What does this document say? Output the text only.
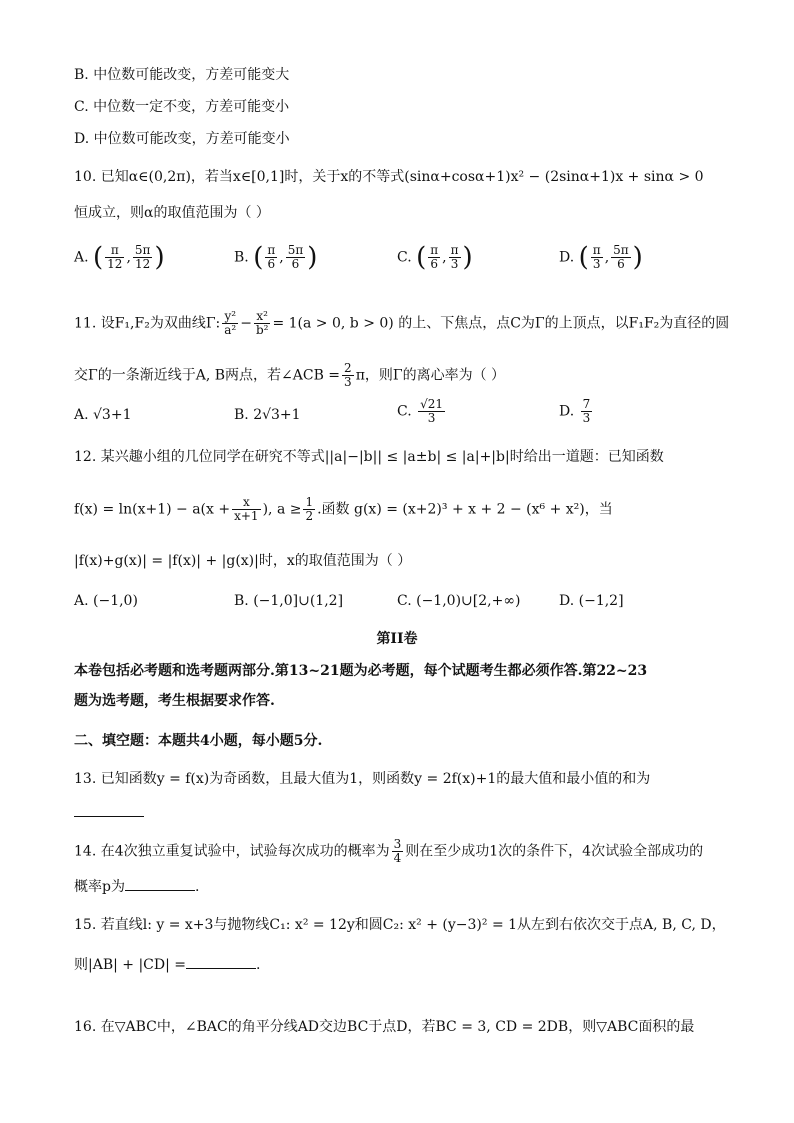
B. 中位数可能改变，方差可能变大
C. 中位数一定不变，方差可能变小
D. 中位数可能改变，方差可能变小
10. 已知α∈(0,2π)，若当x∈[0,1]时，关于x的不等式(sinα+cosα+1)x² − (2sinα+1)x + sinα > 0
恒成立，则α的取值范围为（ ）
A. ( $\frac{\pi}{12}$ , $\frac{5\pi}{12}$ )	B. ( $\frac{\pi}{6}$ , $\frac{5\pi}{6}$ )	C. ( $\frac{\pi}{6}$ , $\frac{\pi}{3}$ )	D. ( $\frac{\pi}{3}$ , $\frac{5\pi}{6}$ )
11. 设F₁,F₂为双曲线Γ: $\frac{\text{y²}}{\text{a²}} - \frac{\text{x²}}{\text{b²}} = 1(a > 0$, b > 0) 的上、下焦点，点C为Γ的上顶点，以F₁F₂为直径的圆
交Γ的一条渐近线于A, B两点，若∠ACB = $\frac{2}{3}$ π，则Γ的离心率为（ ）
A. √3+1	B. 2√3+1	C. $\frac{√21}{3}$	D. $\frac{7}{3}$
12. 某兴趣小组的几位同学在研究不等式||a|−|b|| ≤ |a±b| ≤ |a|+|b|时给出一道题：已知函数
$f(x) = \ln(x+1) - a(x + \frac{x}{x+1}$ ), $a \ge \frac{1}{2}$ .函数 g(x) = (x+2)³ + x + 2 − (x⁶ + x²)，当
|f(x)+g(x)| = |f(x)| + |g(x)|时，x的取值范围为（ ）
A. (−1,0)	B. (−1,0]∪(1,2]	C. (−1,0)∪[2,+∞)	D. (−1,2]
第II卷
本卷包括必考题和选考题两部分.第13~21题为必考题，每个试题考生都必须作答.第22~23
题为选考题，考生根据要求作答.
二、填空题：本题共4小题，每小题5分.
13. 已知函数y = f(x)为奇函数，且最大值为1，则函数y = 2f(x)+1的最大值和最小值的和为
14. 在4次独立重复试验中，试验每次成功的概率为 $\frac{3}{4}$ 则在至少成功1次的条件下，4次试验全部成功的
概率p为	.
15. 若直线l: y = x+3与抛物线C₁: x² = 12y和圆C₂: x² + (y−3)² = 1从左到右依次交于点A, B, C, D，
则|AB| + |CD| =	.
16. 在▽ABC中，∠BAC的角平分线AD交边BC于点D，若BC = 3, CD = 2DB，则▽ABC面积的最
